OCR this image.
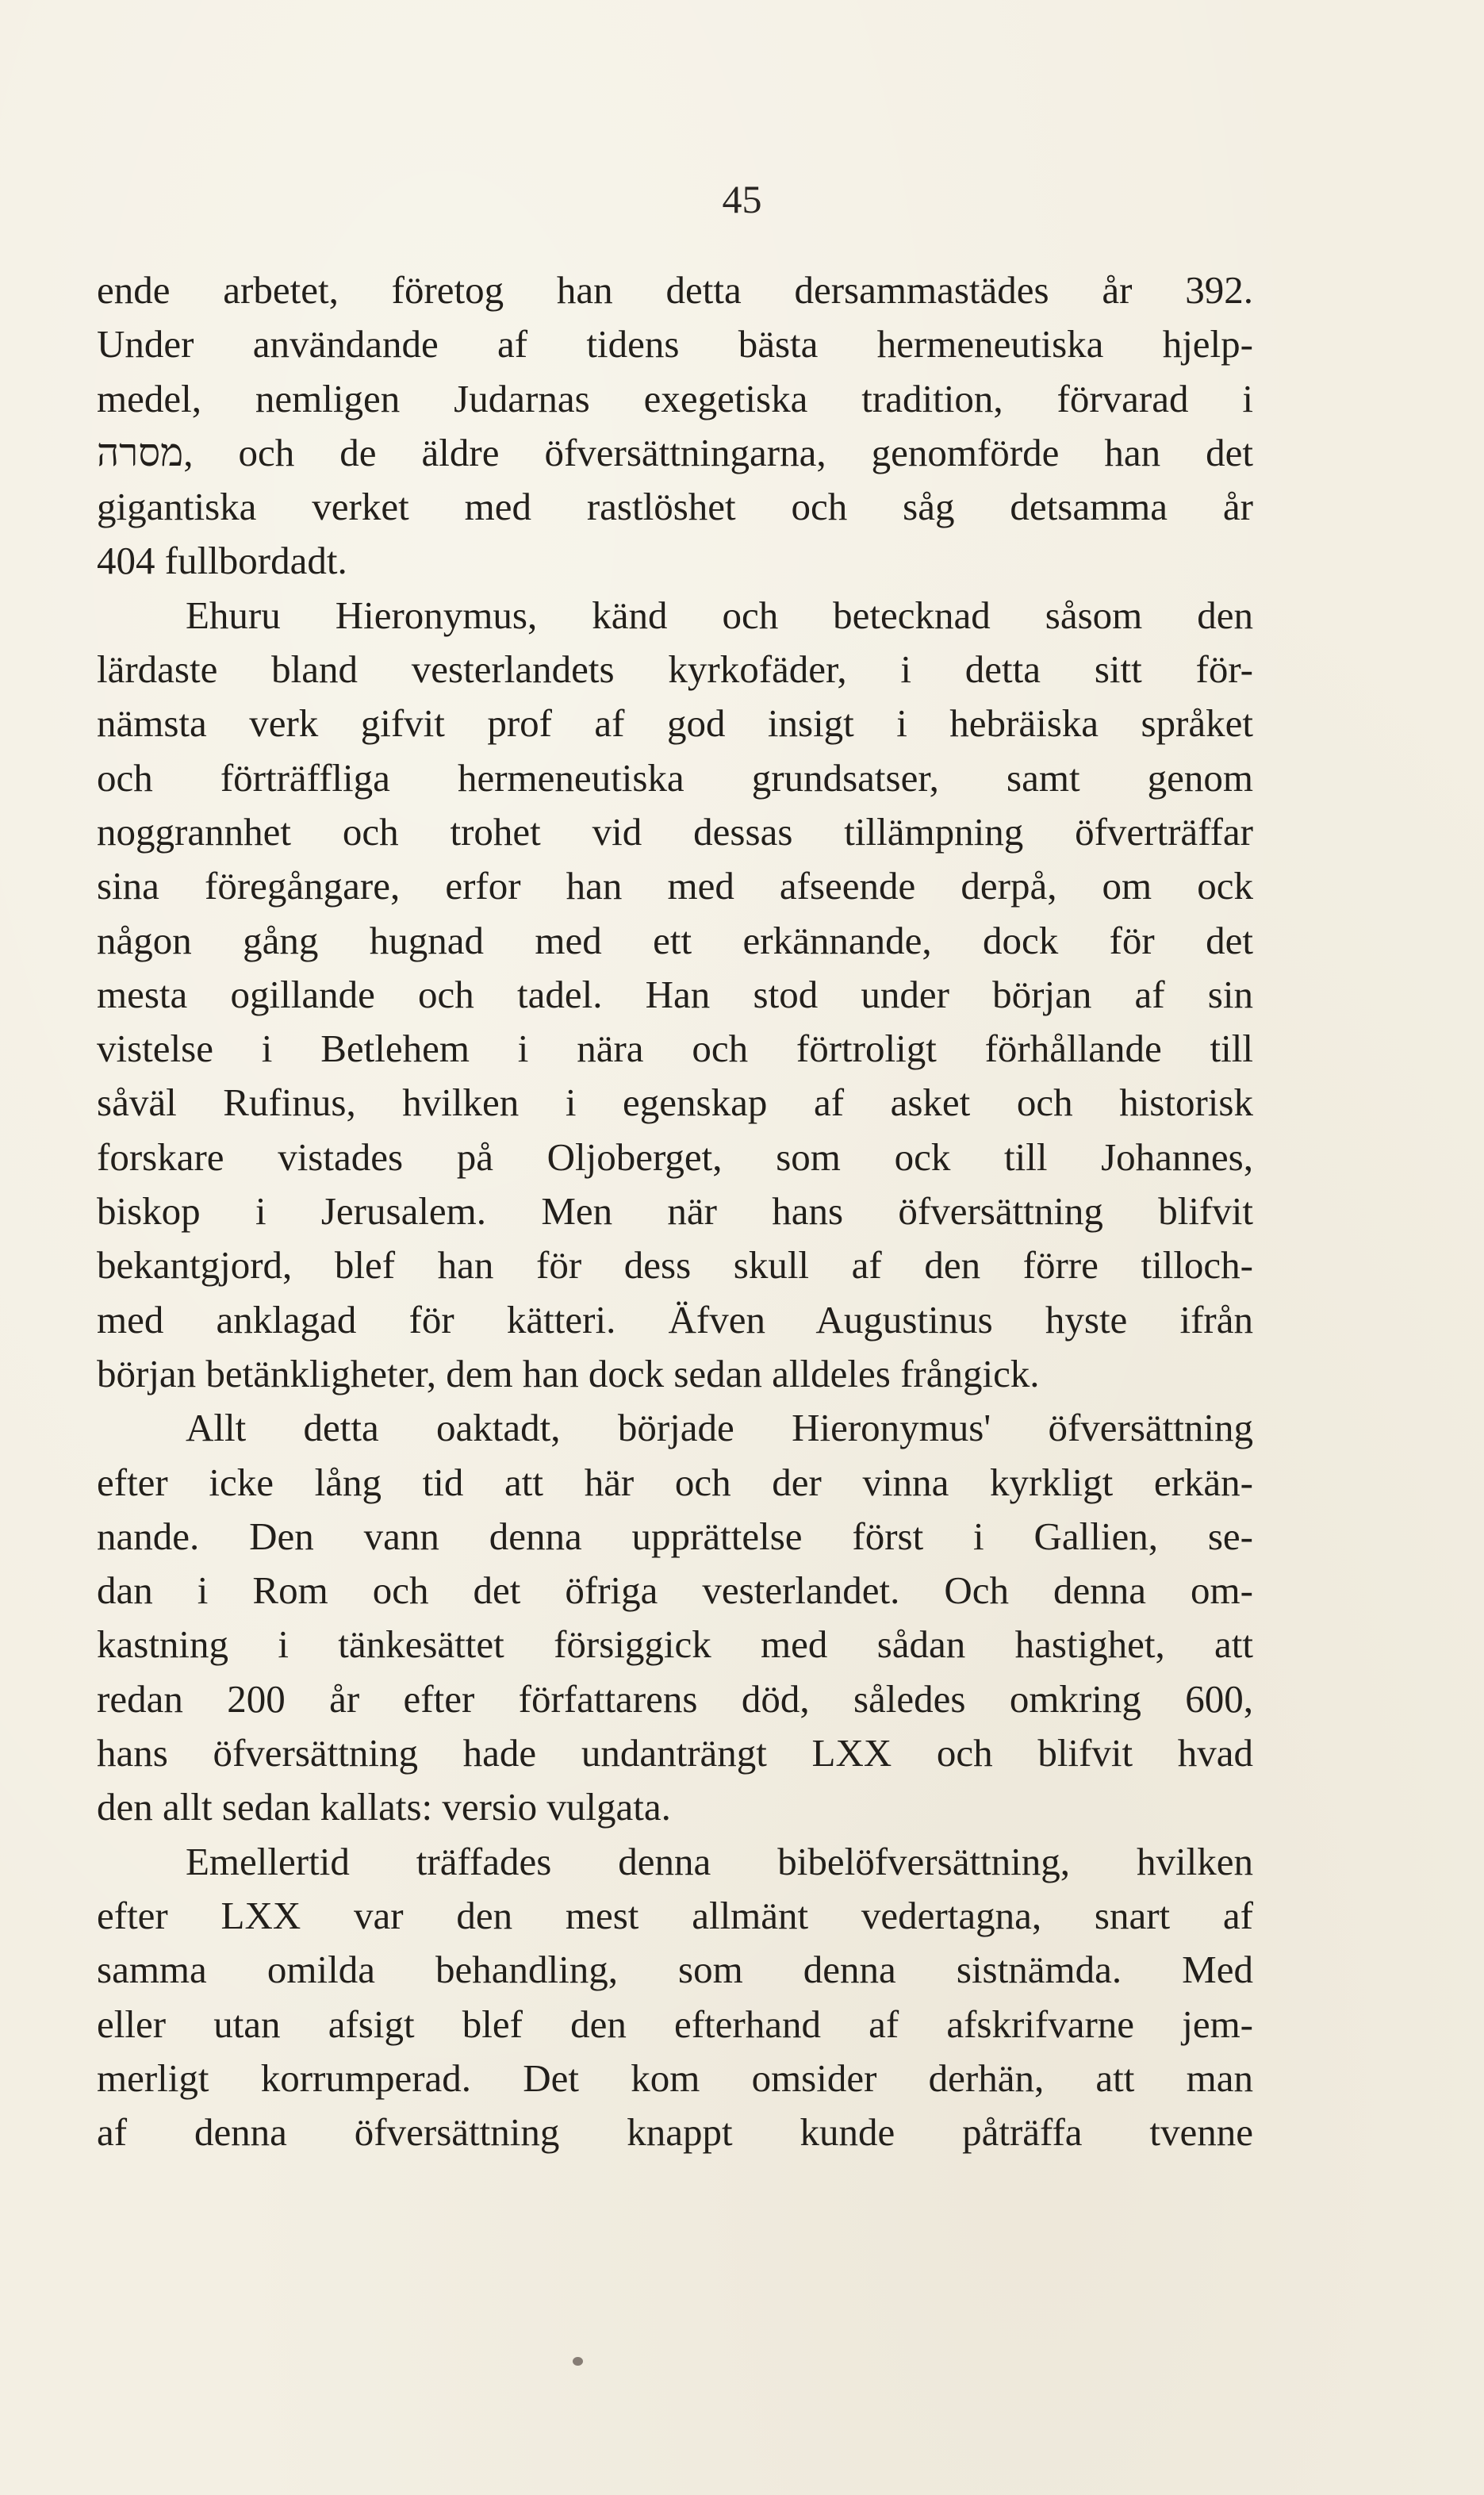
45
ende arbetet, företog han detta dersammastädes år 392.
Under användande af tidens bästa hermeneutiska hjelp-
medel, nemligen Judarnas exegetiska tradition, förvarad i
מסרה, och de äldre öfversättningarna, genomförde han det
gigantiska verket med rastlöshet och såg detsamma år
404 fullbordadt.
Ehuru Hieronymus, känd och betecknad såsom den
lärdaste bland vesterlandets kyrkofäder, i detta sitt för-
nämsta verk gifvit prof af god insigt i hebräiska språket
och förträffliga hermeneutiska grundsatser, samt genom
noggrannhet och trohet vid dessas tillämpning öfverträffar
sina föregångare, erfor han med afseende derpå, om ock
någon gång hugnad med ett erkännande, dock för det
mesta ogillande och tadel. Han stod under början af sin
vistelse i Betlehem i nära och förtroligt förhållande till
såväl Rufinus, hvilken i egenskap af asket och historisk
forskare vistades på Oljoberget, som ock till Johannes,
biskop i Jerusalem. Men när hans öfversättning blifvit
bekantgjord, blef han för dess skull af den förre tilloch-
med anklagad för kätteri. Äfven Augustinus hyste ifrån
början betänkligheter, dem han dock sedan alldeles frångick.
Allt detta oaktadt, började Hieronymus' öfversättning
efter icke lång tid att här och der vinna kyrkligt erkän-
nande. Den vann denna upprättelse först i Gallien, se-
dan i Rom och det öfriga vesterlandet. Och denna om-
kastning i tänkesättet försiggick med sådan hastighet, att
redan 200 år efter författarens död, således omkring 600,
hans öfversättning hade undanträngt LXX och blifvit hvad
den allt sedan kallats: versio vulgata.
Emellertid träffades denna bibelöfversättning, hvilken
efter LXX var den mest allmänt vedertagna, snart af
samma omilda behandling, som denna sistnämda. Med
eller utan afsigt blef den efterhand af afskrifvarne jem-
merligt korrumperad. Det kom omsider derhän, att man
af denna öfversättning knappt kunde påträffa tvenne
